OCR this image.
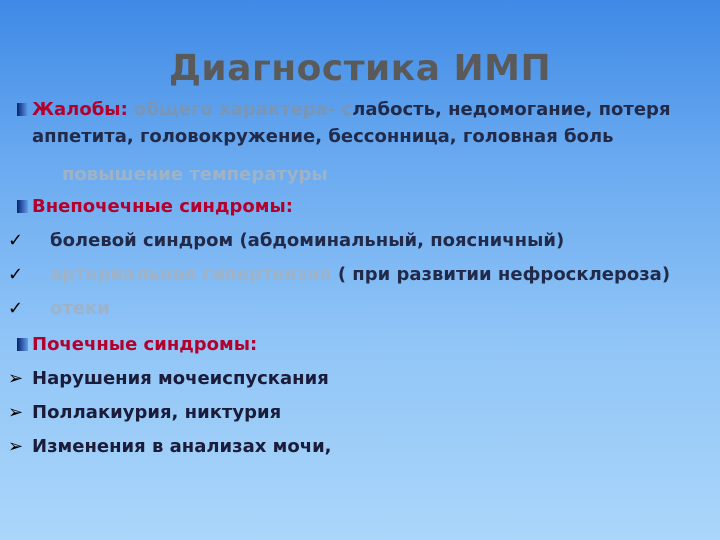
Диагностика ИМП
Жалобы: общего характера- слабость, недомогание, потеря
аппетита, головокружение, бессонница, головная боль
повышение температуры
Внепочечные синдромы:
✓ болевой синдром (абдоминальный, поясничный)
✓ артериальная гипертензия ( при развитии нефросклероза)
✓ отеки
Почечные синдромы:
➢ Нарушения мочеиспускания
➢ Поллакиурия, никтурия
➢ Изменения в анализах мочи,
